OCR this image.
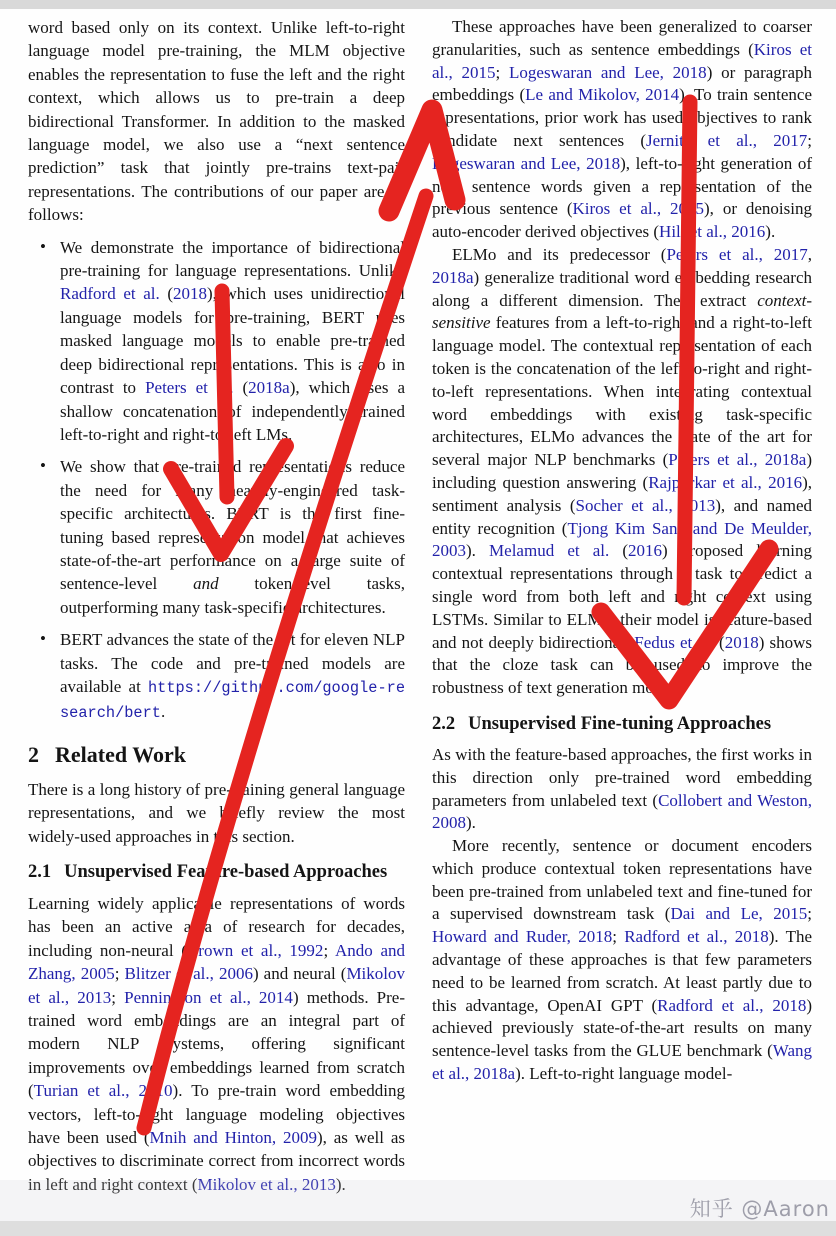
word based only on its context. Unlike left-to-right language model pre-training, the MLM objective enables the representation to fuse the left and the right context, which allows us to pre-train a deep bidirectional Transformer. In addition to the masked language model, we also use a “next sentence prediction” task that jointly pre-trains text-pair representations. The contributions of our paper are as follows:

• We demonstrate the importance of bidirectional pre-training for language representations. Unlike Radford et al. (2018), which uses unidirectional language models for pre-training, BERT uses masked language models to enable pre-trained deep bidirectional representations. This is also in contrast to Peters et al. (2018a), which uses a shallow concatenation of independently trained left-to-right and right-to-left LMs.
• We show that pre-trained representations reduce the need for many heavily-engineered task-specific architectures. BERT is the first fine-tuning based representation model that achieves state-of-the-art performance on a large suite of sentence-level and token-level tasks, outperforming many task-specific architectures.
• BERT advances the state of the art for eleven NLP tasks. The code and pre-trained models are available at https://github.com/google-research/bert.
2 Related Work

There is a long history of pre-training general language representations, and we briefly review the most widely-used approaches in this section.

2.1 Unsupervised Feature-based Approaches

Learning widely applicable representations of words has been an active area of research for decades, including non-neural (Brown et al., 1992; Ando and Zhang, 2005; Blitzer et al., 2006) and neural (Mikolov et al., 2013; Pennington et al., 2014) methods. Pre-trained word embeddings are an integral part of modern NLP systems, offering significant improvements over embeddings learned from scratch (Turian et al., 2010). To pre-train word embedding vectors, left-to-right language modeling objectives have been used (Mnih and Hinton, 2009), as well as objectives to discriminate correct from incorrect words in left and right context (Mikolov et al., 2013).

These approaches have been generalized to coarser granularities, such as sentence embeddings (Kiros et al., 2015; Logeswaran and Lee, 2018) or paragraph embeddings (Le and Mikolov, 2014). To train sentence representations, prior work has used objectives to rank candidate next sentences (Jernite et al., 2017; Logeswaran and Lee, 2018), left-to-right generation of next sentence words given a representation of the previous sentence (Kiros et al., 2015), or denoising auto-encoder derived objectives (Hill et al., 2016).

ELMo and its predecessor (Peters et al., 2017, 2018a) generalize traditional word embedding research along a different dimension. They extract context-sensitive features from a left-to-right and a right-to-left language model. The contextual representation of each token is the concatenation of the left-to-right and right-to-left representations. When integrating contextual word embeddings with existing task-specific architectures, ELMo advances the state of the art for several major NLP benchmarks (Peters et al., 2018a) including question answering (Rajpurkar et al., 2016), sentiment analysis (Socher et al., 2013), and named entity recognition (Tjong Kim Sang and De Meulder, 2003). Melamud et al. (2016) proposed learning contextual representations through a task to predict a single word from both left and right context using LSTMs. Similar to ELMo, their model is feature-based and not deeply bidirectional. Fedus et al. (2018) shows that the cloze task can be used to improve the robustness of text generation models.

2.2 Unsupervised Fine-tuning Approaches

As with the feature-based approaches, the first works in this direction only pre-trained word embedding parameters from unlabeled text (Collobert and Weston, 2008).

More recently, sentence or document encoders which produce contextual token representations have been pre-trained from unlabeled text and fine-tuned for a supervised downstream task (Dai and Le, 2015; Howard and Ruder, 2018; Radford et al., 2018). The advantage of these approaches is that few parameters need to be learned from scratch. At least partly due to this advantage, OpenAI GPT (Radford et al., 2018) achieved previously state-of-the-art results on many sentence-level tasks from the GLUE benchmark (Wang et al., 2018a). Left-to-right language model-

知乎 @Aaron
